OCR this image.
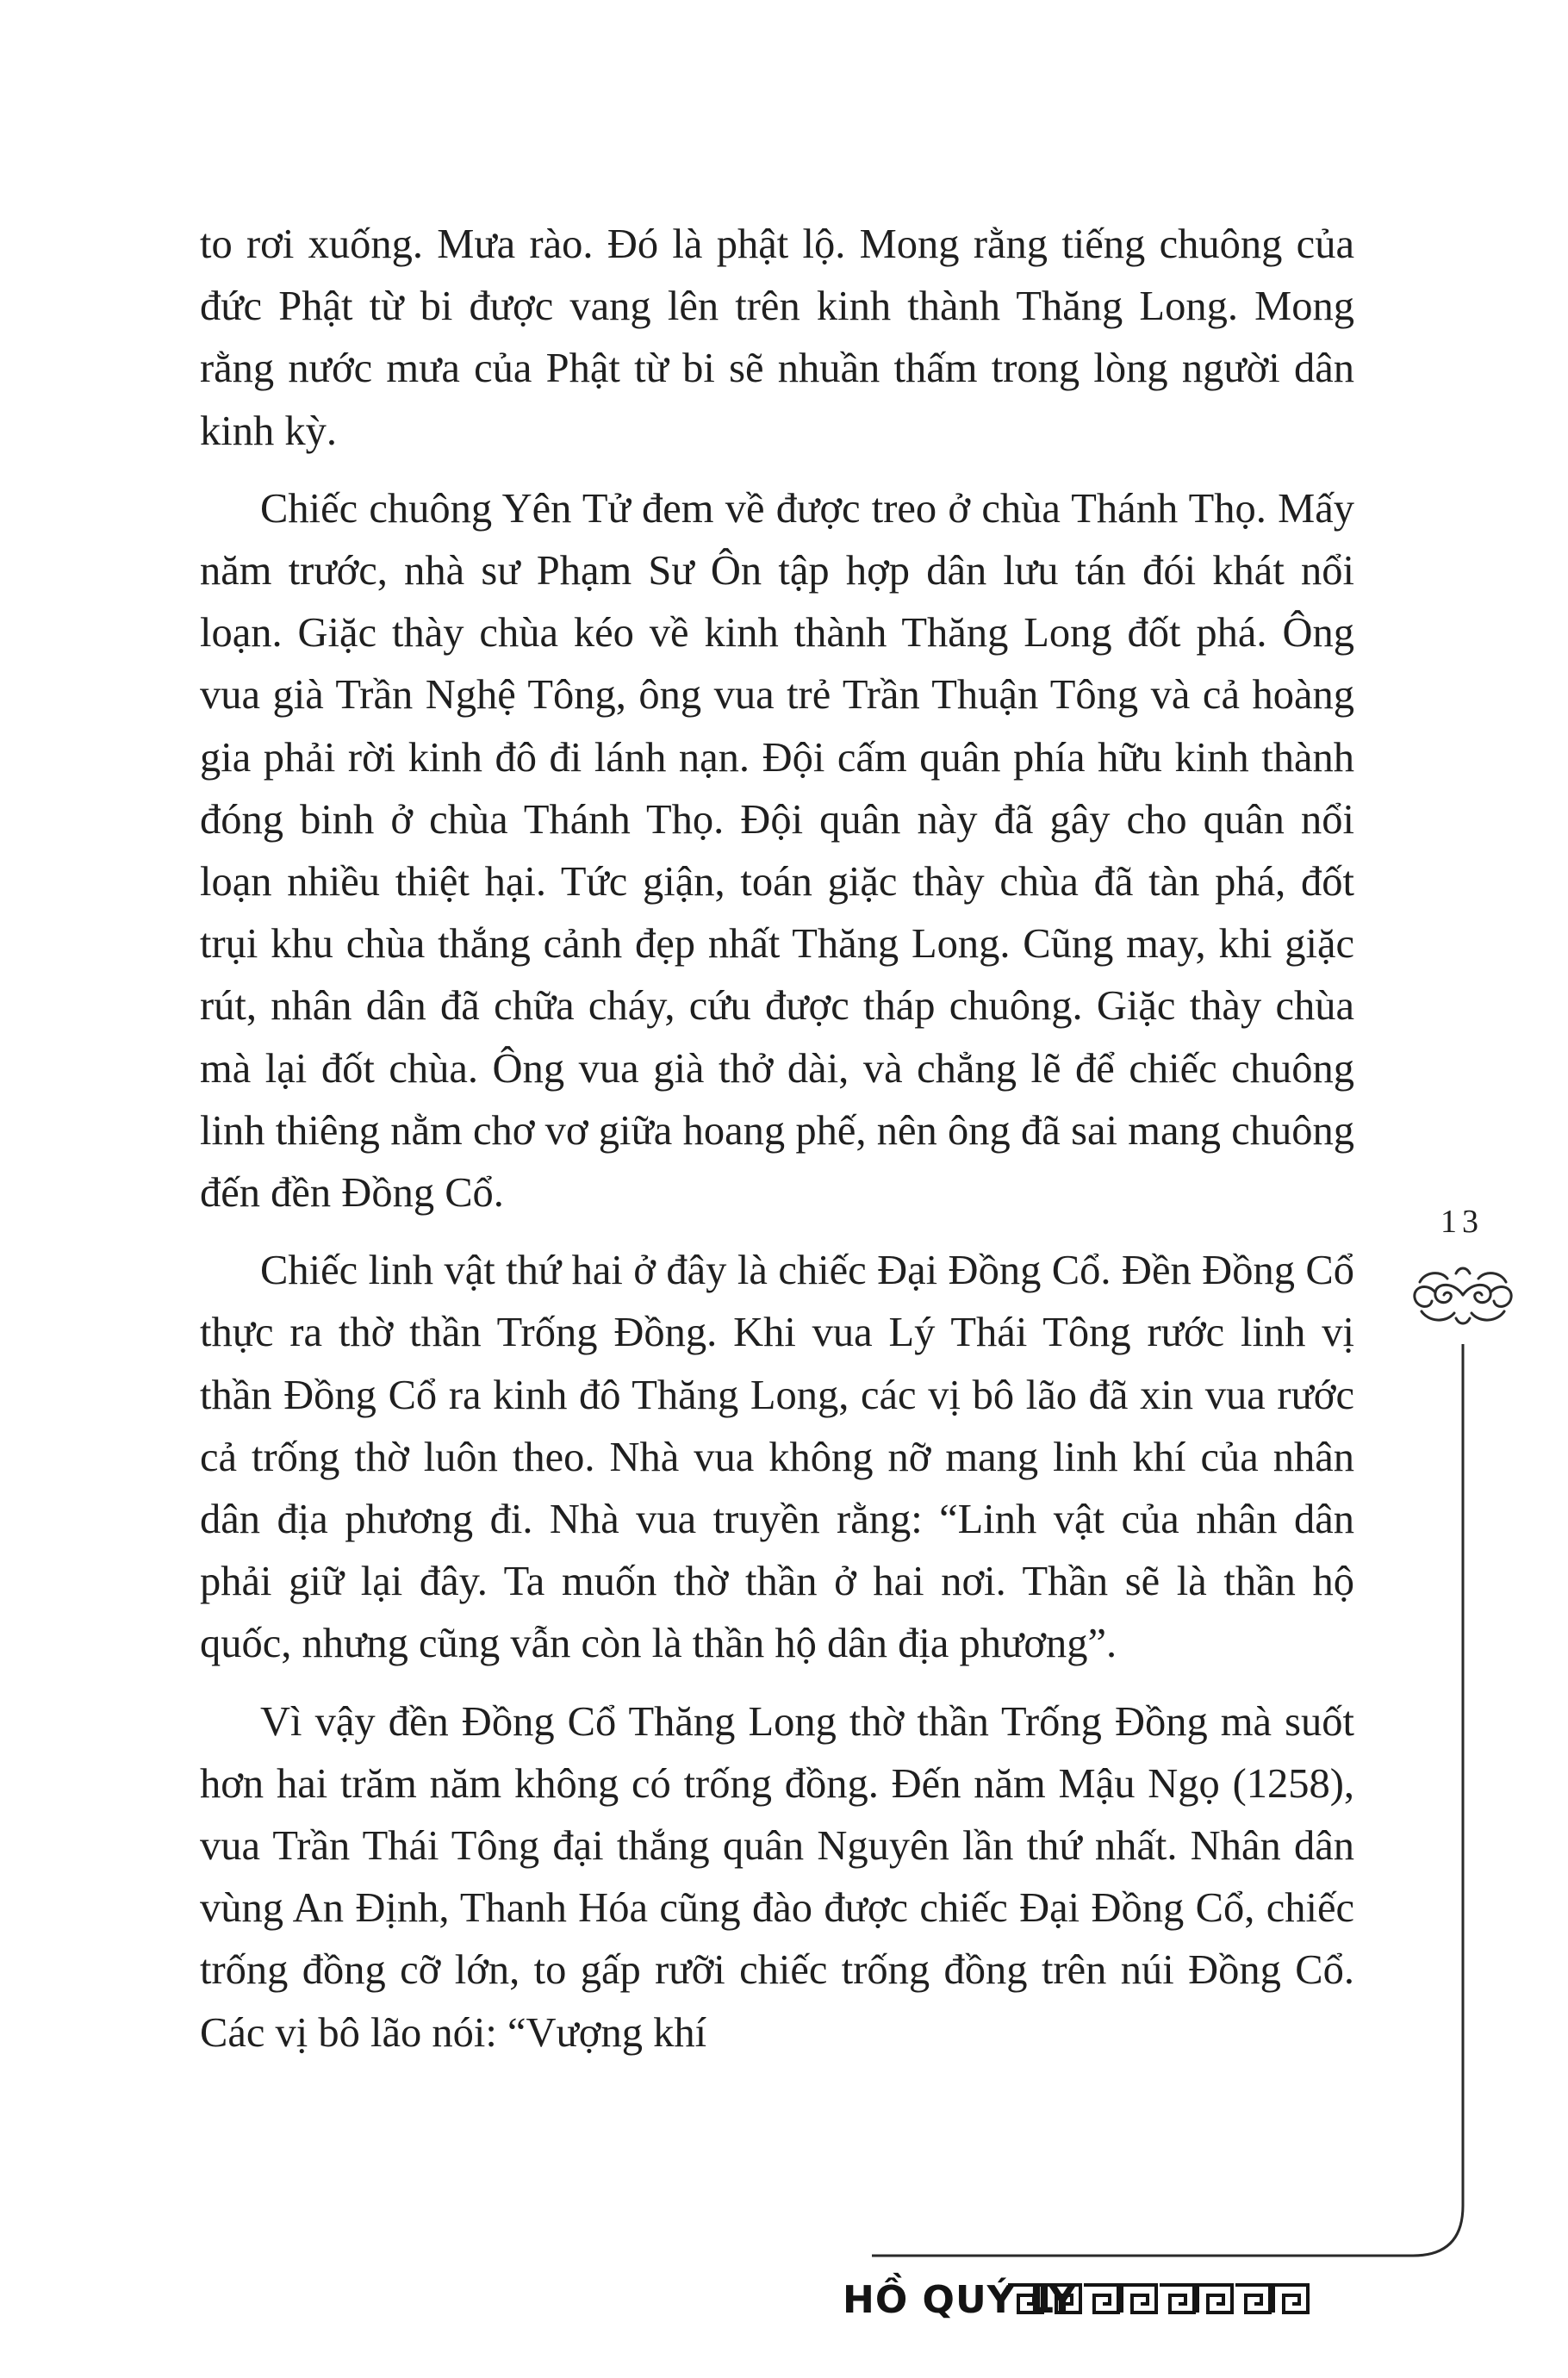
to rơi xuống. Mưa rào. Đó là phật lộ. Mong rằng tiếng chuông của đức Phật từ bi được vang lên trên kinh thành Thăng Long. Mong rằng nước mưa của Phật từ bi sẽ nhuần thấm trong lòng người dân kinh kỳ.

Chiếc chuông Yên Tử đem về được treo ở chùa Thánh Thọ. Mấy năm trước, nhà sư Phạm Sư Ôn tập hợp dân lưu tán đói khát nổi loạn. Giặc thày chùa kéo về kinh thành Thăng Long đốt phá. Ông vua già Trần Nghệ Tông, ông vua trẻ Trần Thuận Tông và cả hoàng gia phải rời kinh đô đi lánh nạn. Đội cấm quân phía hữu kinh thành đóng binh ở chùa Thánh Thọ. Đội quân này đã gây cho quân nổi loạn nhiều thiệt hại. Tức giận, toán giặc thày chùa đã tàn phá, đốt trụi khu chùa thắng cảnh đẹp nhất Thăng Long. Cũng may, khi giặc rút, nhân dân đã chữa cháy, cứu được tháp chuông. Giặc thày chùa mà lại đốt chùa. Ông vua già thở dài, và chẳng lẽ để chiếc chuông linh thiêng nằm chơ vơ giữa hoang phế, nên ông đã sai mang chuông đến đền Đồng Cổ.

Chiếc linh vật thứ hai ở đây là chiếc Đại Đồng Cổ. Đền Đồng Cổ thực ra thờ thần Trống Đồng. Khi vua Lý Thái Tông rước linh vị thần Đồng Cổ ra kinh đô Thăng Long, các vị bô lão đã xin vua rước cả trống thờ luôn theo. Nhà vua không nỡ mang linh khí của nhân dân địa phương đi. Nhà vua truyền rằng: “Linh vật của nhân dân phải giữ lại đây. Ta muốn thờ thần ở hai nơi. Thần sẽ là thần hộ quốc, nhưng cũng vẫn còn là thần hộ dân địa phương”.

Vì vậy đền Đồng Cổ Thăng Long thờ thần Trống Đồng mà suốt hơn hai trăm năm không có trống đồng. Đến năm Mậu Ngọ (1258), vua Trần Thái Tông đại thắng quân Nguyên lần thứ nhất. Nhân dân vùng An Định, Thanh Hóa cũng đào được chiếc Đại Đồng Cổ, chiếc trống đồng cỡ lớn, to gấp rưỡi chiếc trống đồng trên núi Đồng Cổ. Các vị bô lão nói: “Vượng khí

13
HỒ QUÝ LY
